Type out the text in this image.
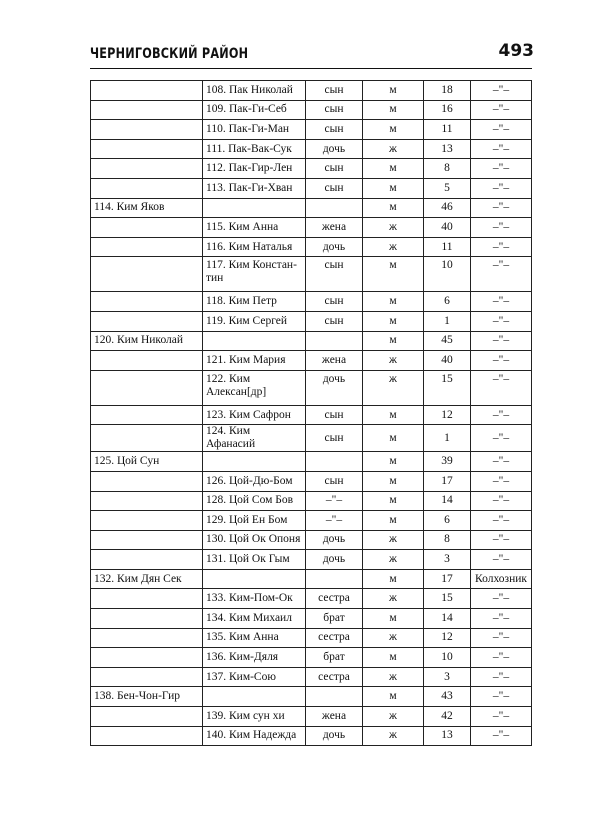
ЧЕРНИГОВСКИЙ РАЙОН	493
	108. Пак Николай	сын	м	18	–"–
	109. Пак-Ги-Себ	сын	м	16	–"–
	110. Пак-Ги-Ман	сын	м	11	–"–
	111. Пак-Вак-Сук	дочь	ж	13	–"–
	112. Пак-Гир-Лен	сын	м	8	–"–
	113. Пак-Ги-Хван	сын	м	5	–"–
114. Ким Яков			м	46	–"–
	115. Ким Анна	жена	ж	40	–"–
	116. Ким Наталья	дочь	ж	11	–"–
	117. Ким Констан-тин	сын	м	10	–"–
	118. Ким Петр	сын	м	6	–"–
	119. Ким Сергей	сын	м	1	–"–
120. Ким Николай			м	45	–"–
	121. Ким Мария	жена	ж	40	–"–
	122. Ким Алексан[др]	дочь	ж	15	–"–
	123. Ким Сафрон	сын	м	12	–"–
	124. Ким Афанасий	сын	м	1	–"–
125. Цой Сун			м	39	–"–
	126. Цой-Дю-Бом	сын	м	17	–"–
	128. Цой Сом Бов	–"–	м	14	–"–
	129. Цой Ен Бом	–"–	м	6	–"–
	130. Цой Ок Опоня	дочь	ж	8	–"–
	131. Цой Ок Гым	дочь	ж	3	–"–
132. Ким Дян Сек			м	17	Колхозник
	133. Ким-Пом-Ок	сестра	ж	15	–"–
	134. Ким Михаил	брат	м	14	–"–
	135. Ким Анна	сестра	ж	12	–"–
	136. Ким-Дяля	брат	м	10	–"–
	137. Ким-Сою	сестра	ж	3	–"–
138. Бен-Чон-Гир			м	43	–"–
	139. Ким сун хи	жена	ж	42	–"–
	140. Ким Надежда	дочь	ж	13	–"–
